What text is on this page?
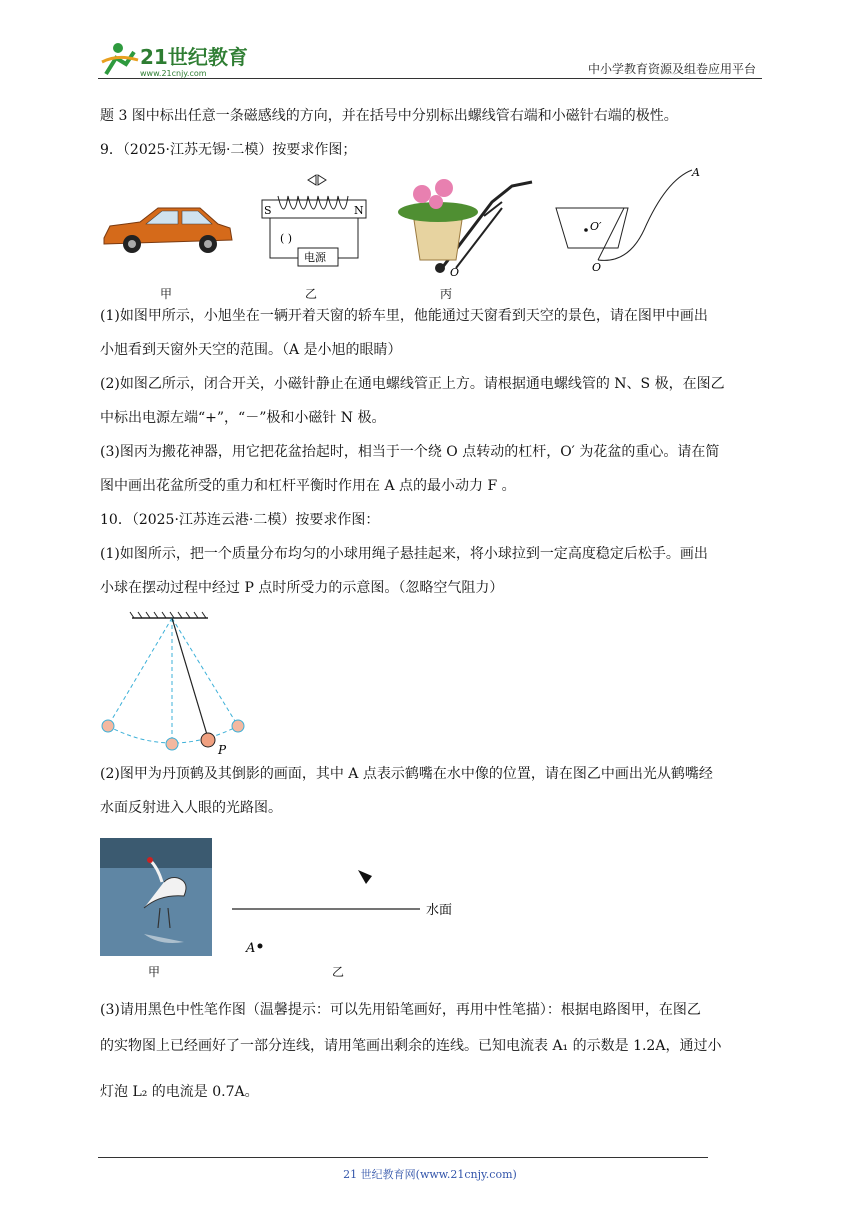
21世纪教育
www.21cnjy.com	中小学教育资源及组卷应用平台
题 3 图中标出任意一条磁感线的方向，并在括号中分别标出螺线管右端和小磁针右端的极性。
9．（2025·江苏无锡·二模）按要求作图；
甲
S	N
电源
( )
乙
O
丙
O′
O
A
(1)如图甲所示，小旭坐在一辆开着天窗的轿车里，他能通过天窗看到天空的景色，请在图甲中画出
小旭看到天窗外天空的范围。（A 是小旭的眼睛）
(2)如图乙所示，闭合开关，小磁针静止在通电螺线管正上方。请根据通电螺线管的 N、S 极，在图乙
中标出电源左端“+”，“－”极和小磁针 N 极。
(3)图丙为搬花神器，用它把花盆抬起时，相当于一个绕 O 点转动的杠杆，O′ 为花盆的重心。请在简
图中画出花盆所受的重力和杠杆平衡时作用在 A 点的最小动力 F 。
10．（2025·江苏连云港·二模）按要求作图：
(1)如图所示，把一个质量分布均匀的小球用绳子悬挂起来，将小球拉到一定高度稳定后松手。画出
小球在摆动过程中经过 P 点时所受力的示意图。（忽略空气阻力）
P
(2)图甲为丹顶鹤及其倒影的画面，其中 A 点表示鹤嘴在水中像的位置，请在图乙中画出光从鹤嘴经
水面反射进入人眼的光路图。
甲
水面
A
乙
(3)请用黑色中性笔作图（温馨提示：可以先用铅笔画好，再用中性笔描）：根据电路图甲，在图乙
的实物图上已经画好了一部分连线，请用笔画出剩余的连线。已知电流表 A₁ 的示数是 1.2A，通过小
灯泡 L₂ 的电流是 0.7A。
21 世纪教育网(www.21cnjy.com)
